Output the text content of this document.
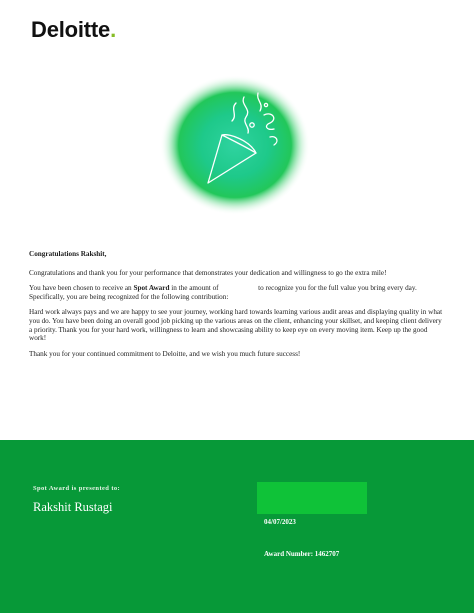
Deloitte.

Congratulations Rakshit,

Congratulations and thank you for your performance that demonstrates your dedication and willingness to go the extra mile!

You have been chosen to receive an Spot Award in the amount of	to recognize you for the full value you bring every day. Specifically, you are being recognized for the following contribution:

Hard work always pays and we are happy to see your journey, working hard towards learning various audit areas and displaying quality in what you do. You have been doing an overall good job picking up the various areas on the client, enhancing your skillset, and keeping client delivery a priority. Thank you for your hard work, willingness to learn and showcasing ability to keep eye on every moving item. Keep up the good work!

Thank you for your continued commitment to Deloitte, and we wish you much future success!

Spot Award is presented to:
Rakshit Rustagi
04/07/2023
Award Number: 1462707
